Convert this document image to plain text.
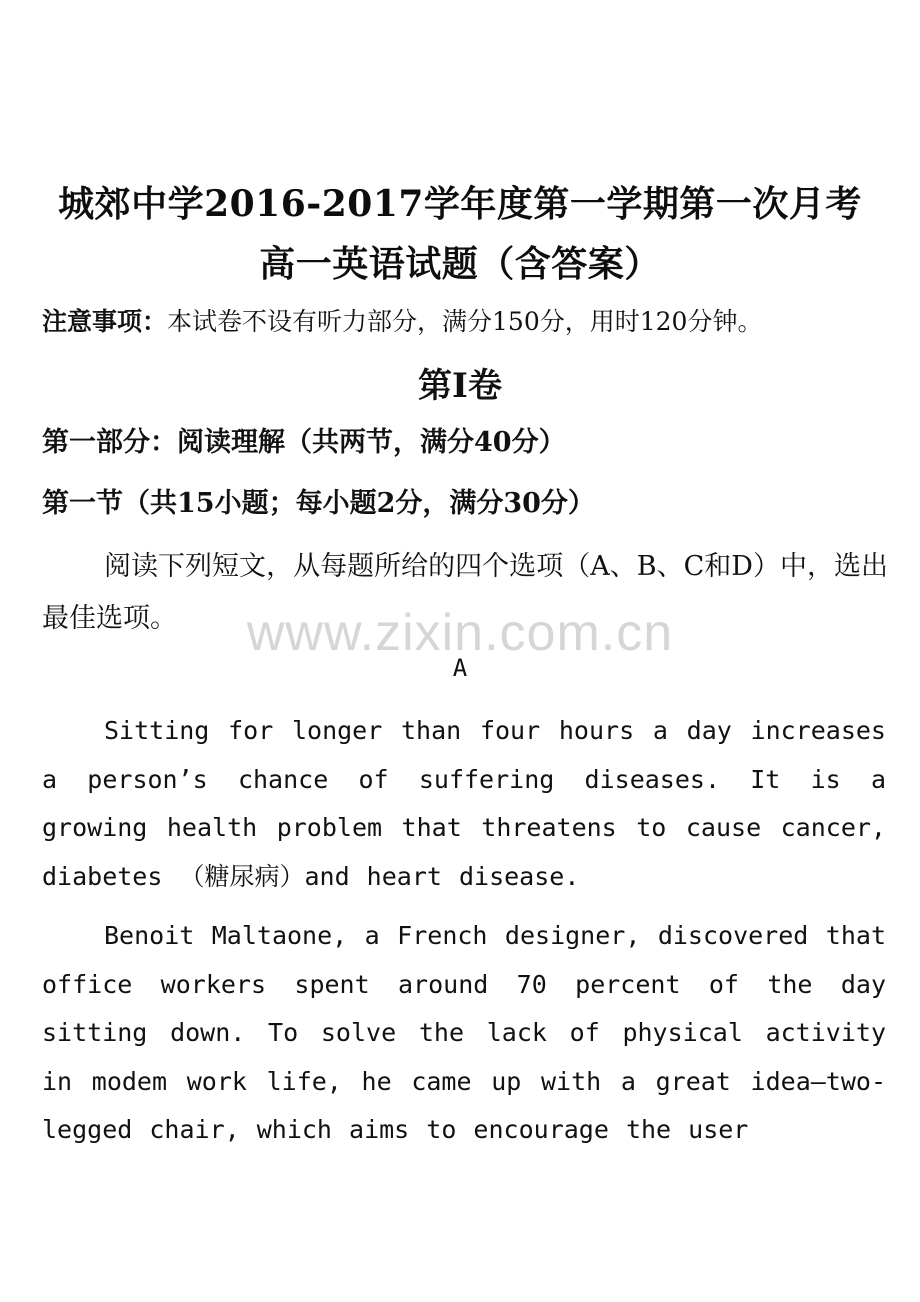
城郊中学2016-2017学年度第一学期第一次月考
高一英语试题（含答案）
注意事项：本试卷不设有听力部分，满分150分，用时120分钟。
第I卷
第一部分：阅读理解（共两节，满分40分）
第一节（共15小题；每小题2分，满分30分）
阅读下列短文，从每题所给的四个选项（A、B、C和D）中，选出最佳选项。	www.zixin.com.cn
A
Sitting for longer than four hours a day increases a person’s chance of suffering diseases. It is a growing health problem that threatens to cause cancer, diabetes （糖尿病）and heart disease.
Benoit Maltaone, a French designer, discovered that office workers spent around 70 percent of the day sitting down. To solve the lack of physical activity in modem work life, he came up with a great idea—two-legged chair, which aims to encourage the user
